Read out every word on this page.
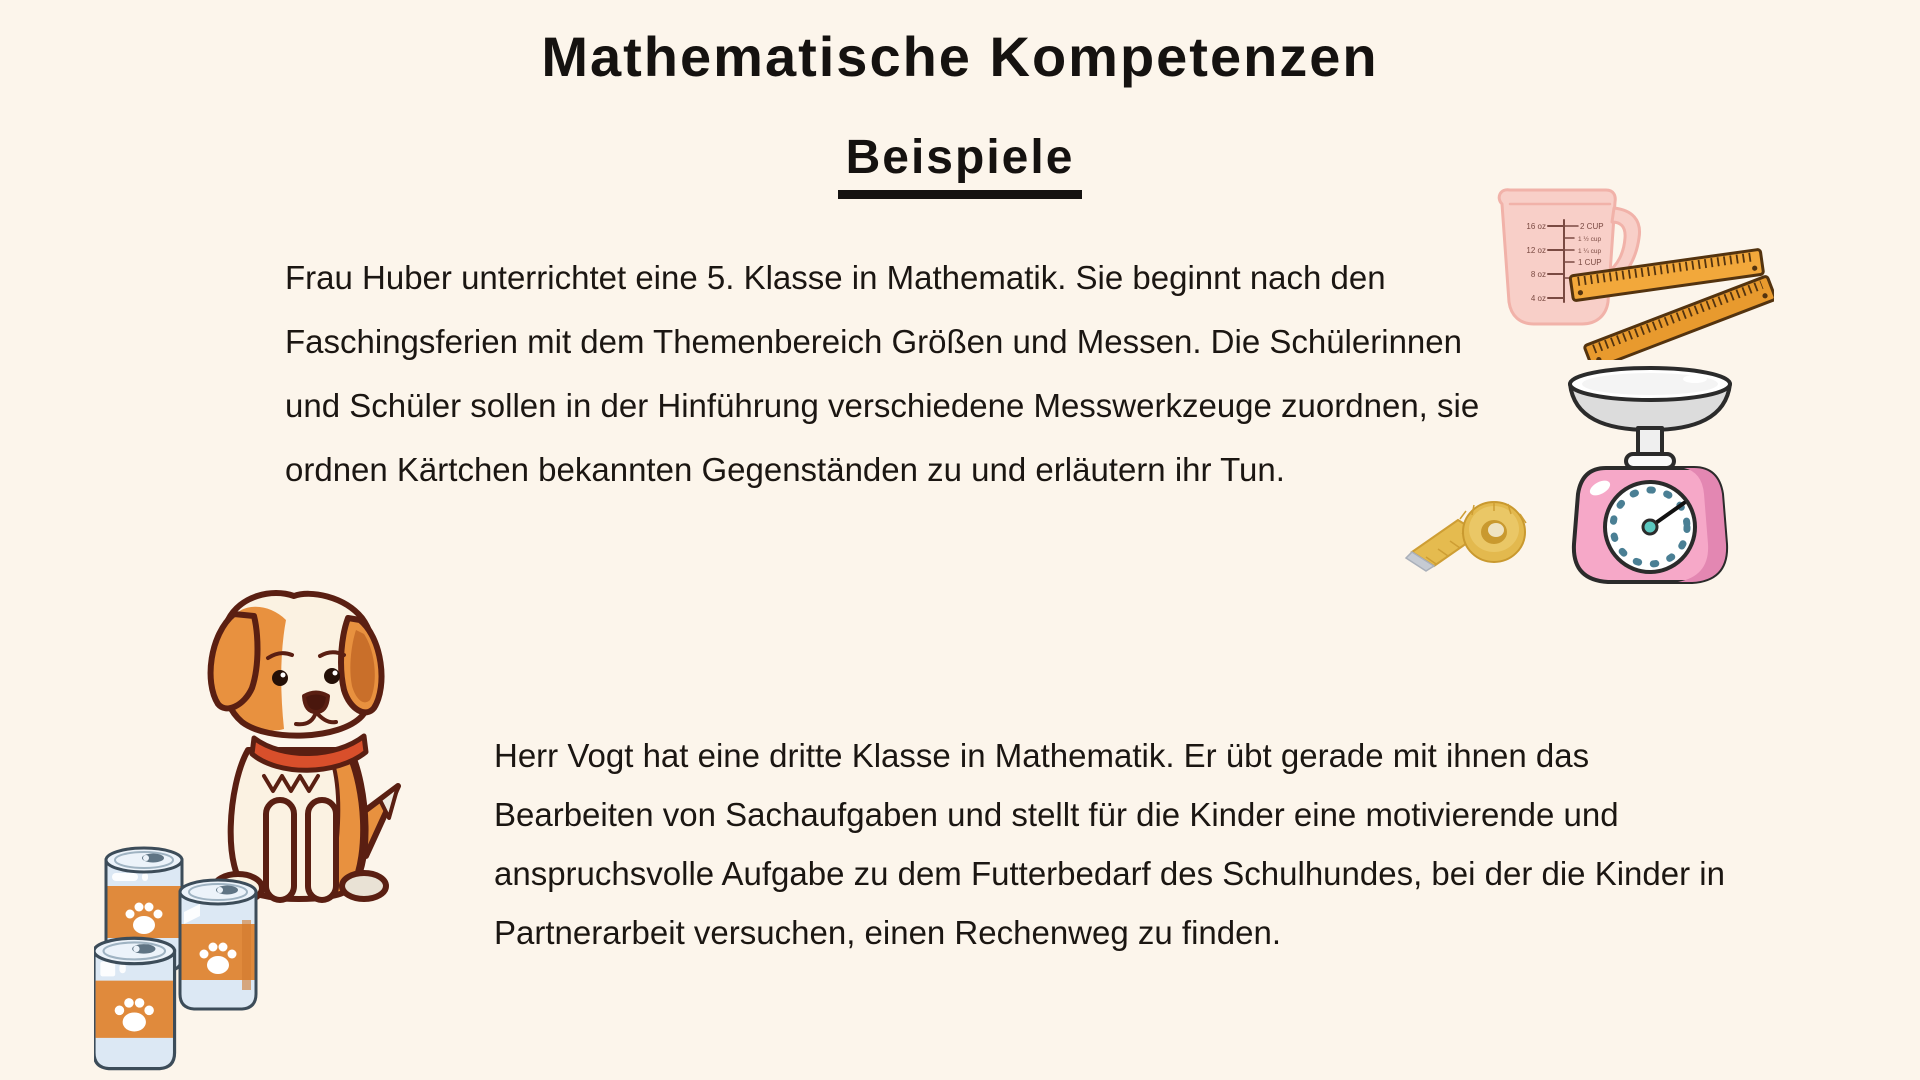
Mathematische Kompetenzen
Beispiele
Frau Huber unterrichtet eine 5. Klasse in Mathematik. Sie beginnt nach den
Faschingsferien mit dem Themenbereich Größen und Messen. Die Schülerinnen
und Schüler sollen in der Hinführung verschiedene Messwerkzeuge zuordnen, sie
ordnen Kärtchen bekannten Gegenständen zu und erläutern ihr Tun.
Herr Vogt hat eine dritte Klasse in Mathematik. Er übt gerade mit ihnen das
Bearbeiten von Sachaufgaben und stellt für die Kinder eine motivierende und
anspruchsvolle Aufgabe zu dem Futterbedarf des Schulhundes, bei der die Kinder in
Partnerarbeit versuchen, einen Rechenweg zu finden.
16 oz
12 oz
8 oz
4 oz
2 CUP
1 ½ cup
1 ¼ cup
1 CUP
